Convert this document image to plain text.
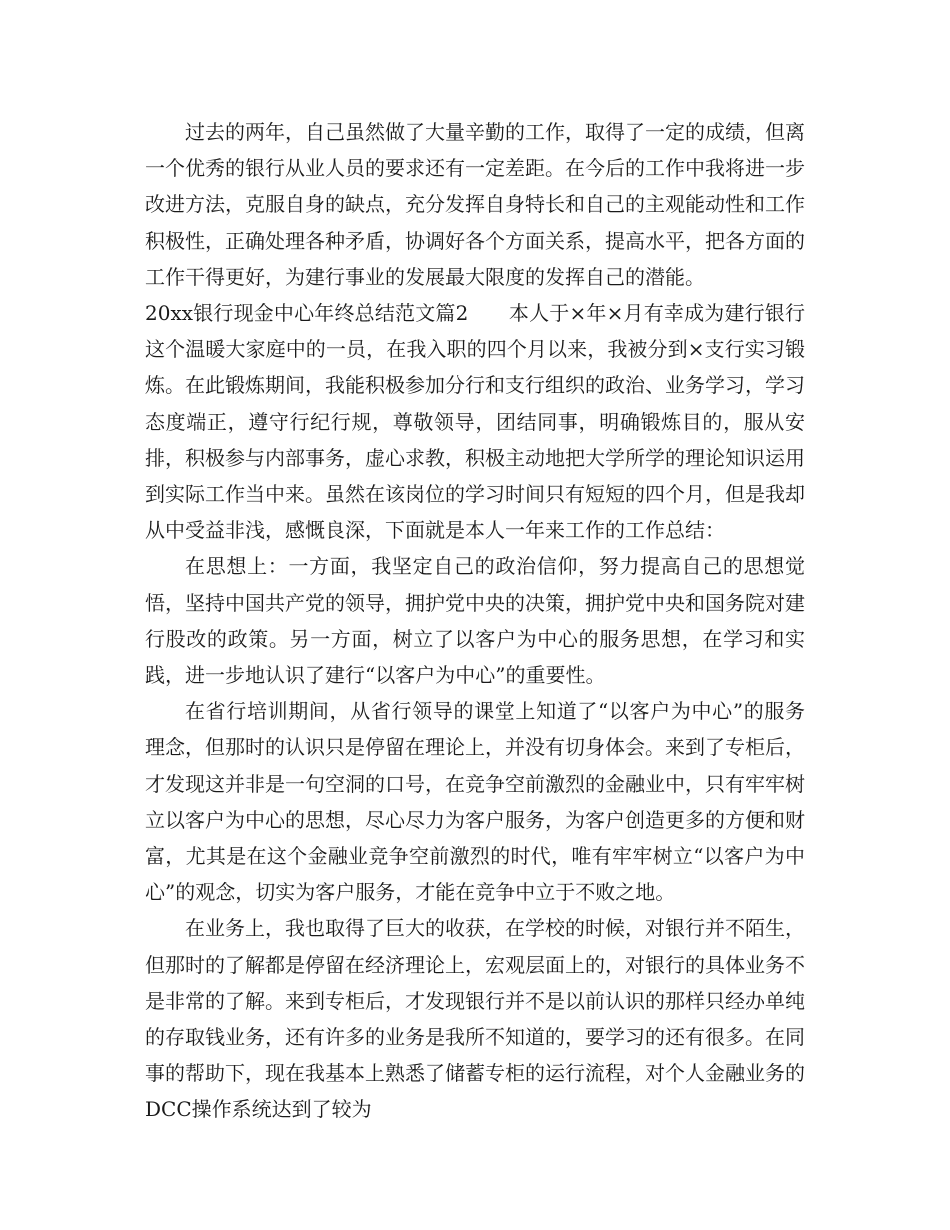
过去的两年，自己虽然做了大量辛勤的工作，取得了一定的成绩，但离一个优秀的银行从业人员的要求还有一定差距。在今后的工作中我将进一步改进方法，克服自身的缺点，充分发挥自身特长和自己的主观能动性和工作积极性，正确处理各种矛盾，协调好各个方面关系，提高水平，把各方面的工作干得更好，为建行事业的发展最大限度的发挥自己的潜能。

20xx银行现金中心年终总结范文篇2　　本人于×年×月有幸成为建行银行这个温暖大家庭中的一员，在我入职的四个月以来，我被分到×支行实习锻炼。在此锻炼期间，我能积极参加分行和支行组织的政治、业务学习，学习态度端正，遵守行纪行规，尊敬领导，团结同事，明确锻炼目的，服从安排，积极参与内部事务，虚心求教，积极主动地把大学所学的理论知识运用到实际工作当中来。虽然在该岗位的学习时间只有短短的四个月，但是我却从中受益非浅，感慨良深，下面就是本人一年来工作的工作总结：

在思想上：一方面，我坚定自己的政治信仰，努力提高自己的思想觉悟，坚持中国共产党的领导，拥护党中央的决策，拥护党中央和国务院对建行股改的政策。另一方面，树立了以客户为中心的服务思想，在学习和实践，进一步地认识了建行“以客户为中心”的重要性。

在省行培训期间，从省行领导的课堂上知道了“以客户为中心”的服务理念，但那时的认识只是停留在理论上，并没有切身体会。来到了专柜后，才发现这并非是一句空洞的口号，在竞争空前激烈的金融业中，只有牢牢树立以客户为中心的思想，尽心尽力为客户服务，为客户创造更多的方便和财富，尤其是在这个金融业竞争空前激烈的时代，唯有牢牢树立“以客户为中心”的观念，切实为客户服务，才能在竞争中立于不败之地。

在业务上，我也取得了巨大的收获，在学校的时候，对银行并不陌生，但那时的了解都是停留在经济理论上，宏观层面上的，对银行的具体业务不是非常的了解。来到专柜后，才发现银行并不是以前认识的那样只经办单纯的存取钱业务，还有许多的业务是我所不知道的，要学习的还有很多。在同事的帮助下，现在我基本上熟悉了储蓄专柜的运行流程，对个人金融业务的DCC操作系统达到了较为
